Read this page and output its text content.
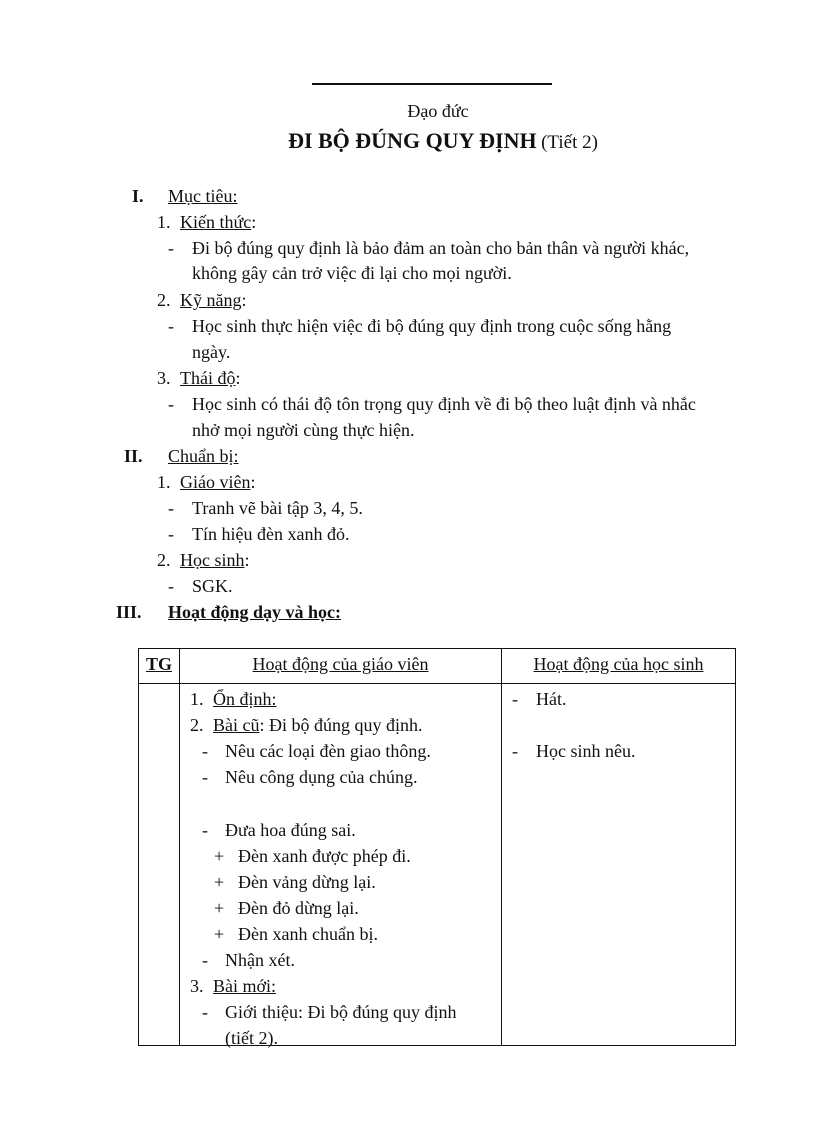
Đạo đức
ĐI BỘ ĐÚNG QUY ĐỊNH (Tiết 2)
I. Mục tiêu:
1. Kiến thức:
- Đi bộ đúng quy định là bảo đảm an toàn cho bản thân và người khác,
không gây cản trở việc đi lại cho mọi người.
2. Kỹ năng:
- Học sinh thực hiện việc đi bộ đúng quy định trong cuộc sống hằng
ngày.
3. Thái độ:
- Học sinh có thái độ tôn trọng quy định về đi bộ theo luật định và nhắc
nhở mọi người cùng thực hiện.
II. Chuẩn bị:
1. Giáo viên:
- Tranh vẽ bài tập 3, 4, 5.
- Tín hiệu đèn xanh đỏ.
2. Học sinh:
- SGK.
III. Hoạt động dạy và học:
TG	Hoạt động của giáo viên	Hoạt động của học sinh
1. Ổn định:
2. Bài cũ: Đi bộ đúng quy định.
- Nêu các loại đèn giao thông.
- Nêu công dụng của chúng.
- Đưa hoa đúng sai.
+ Đèn xanh được phép đi.
+ Đèn vảng dừng lại.
+ Đèn đỏ dừng lại.
+ Đèn xanh chuẩn bị.
- Nhận xét.
3. Bài mới:
- Giới thiệu: Đi bộ đúng quy định
(tiết 2).
- Hát.
- Học sinh nêu.
